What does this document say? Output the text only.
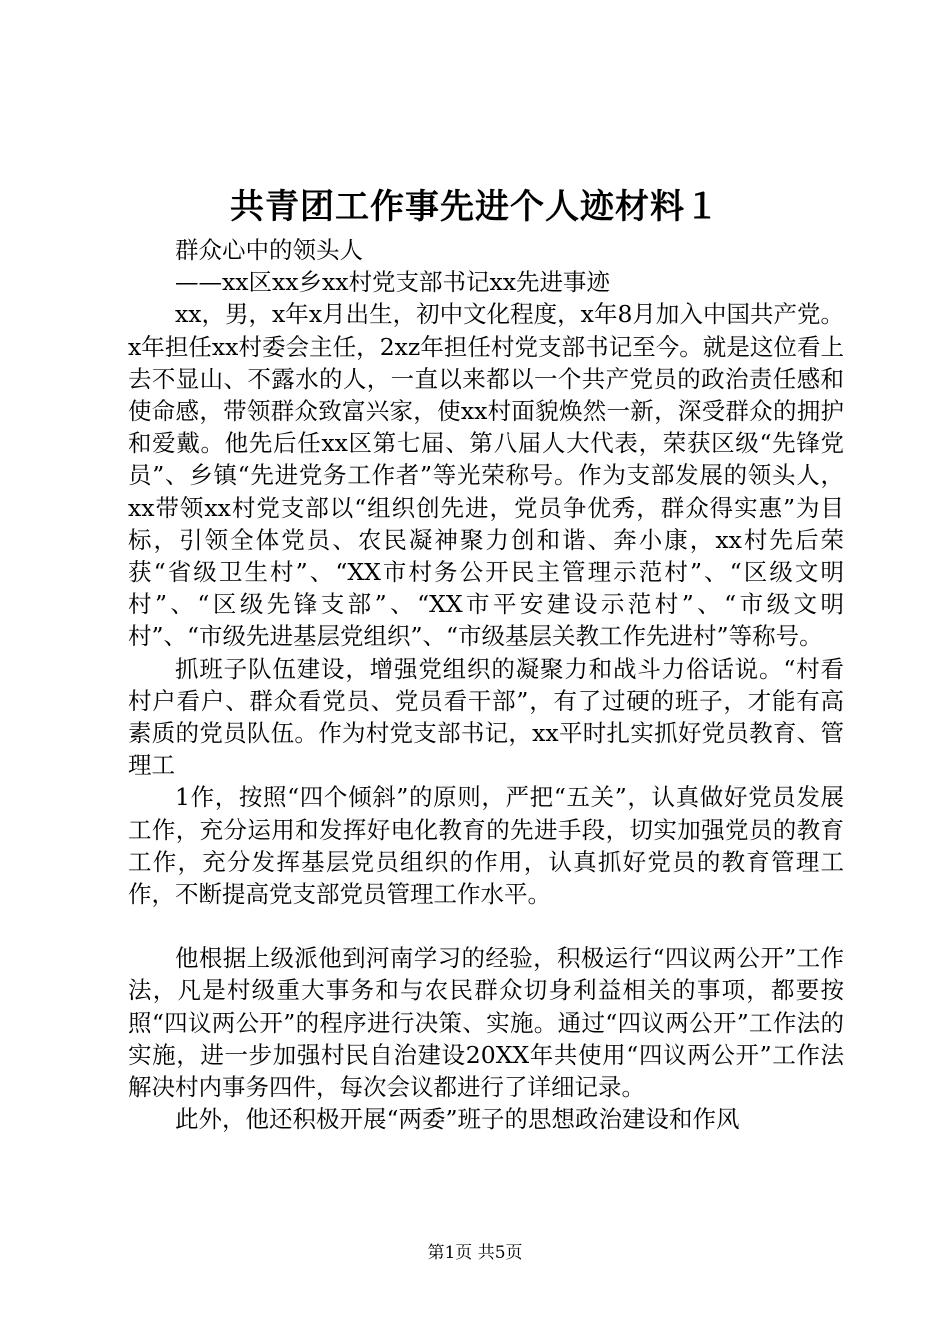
共青团工作事先进个人迹材料１

群众心中的领头人

——xx区xx乡xx村党支部书记xx先进事迹

xx，男，x年x月出生，初中文化程度，x年8月加入中国共产党。x年担任xx村委会主任，2xz年担任村党支部书记至今。就是这位看上去不显山、不露水的人，一直以来都以一个共产党员的政治责任感和使命感，带领群众致富兴家，使xx村面貌焕然一新，深受群众的拥护和爱戴。他先后任xx区第七届、第八届人大代表，荣获区级“先锋党员”、乡镇“先进党务工作者”等光荣称号。作为支部发展的领头人，xx带领xx村党支部以“组织创先进，党员争优秀，群众得实惠”为目标，引领全体党员、农民凝神聚力创和谐、奔小康，xx村先后荣获“省级卫生村”、“XX市村务公开民主管理示范村”、“区级文明村”、“区级先锋支部”、“XX市平安建设示范村”、“市级文明村”、“市级先进基层党组织”、“市级基层关教工作先进村”等称号。

抓班子队伍建设，增强党组织的凝聚力和战斗力俗话说。“村看村户看户、群众看党员、党员看干部”，有了过硬的班子，才能有高素质的党员队伍。作为村党支部书记，xx平时扎实抓好党员教育、管理工

1作，按照“四个倾斜”的原则，严把“五关”，认真做好党员发展工作，充分运用和发挥好电化教育的先进手段，切实加强党员的教育工作，充分发挥基层党员组织的作用，认真抓好党员的教育管理工作，不断提高党支部党员管理工作水平。

他根据上级派他到河南学习的经验，积极运行“四议两公开”工作法，凡是村级重大事务和与农民群众切身利益相关的事项，都要按照“四议两公开”的程序进行决策、实施。通过“四议两公开”工作法的实施，进一步加强村民自治建设20XX年共使用“四议两公开”工作法解决村内事务四件，每次会议都进行了详细记录。

此外，他还积极开展“两委”班子的思想政治建设和作风

第1页 共5页
